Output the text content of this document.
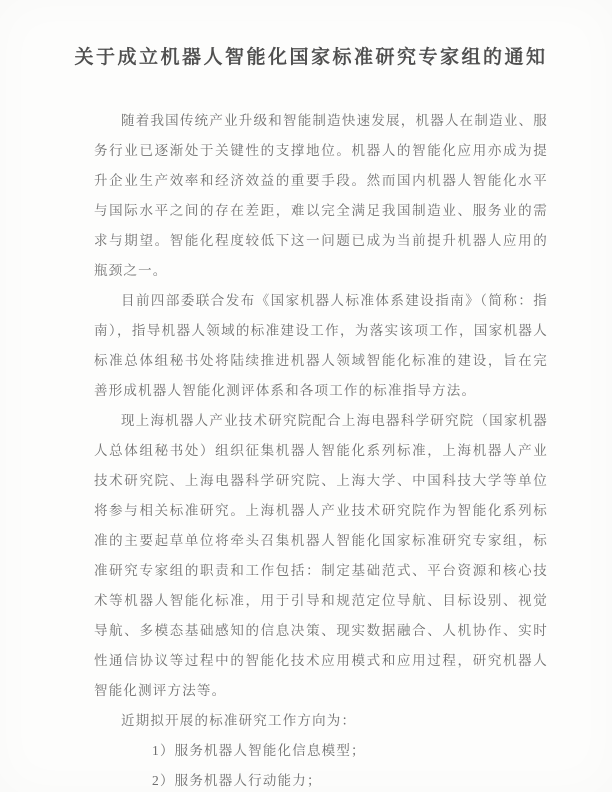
关于成立机器人智能化国家标准研究专家组的通知

随着我国传统产业升级和智能制造快速发展，机器人在制造业、服务行业已逐渐处于关键性的支撑地位。机器人的智能化应用亦成为提升企业生产效率和经济效益的重要手段。然而国内机器人智能化水平与国际水平之间的存在差距，难以完全满足我国制造业、服务业的需求与期望。智能化程度较低下这一问题已成为当前提升机器人应用的瓶颈之一。

目前四部委联合发布《国家机器人标准体系建设指南》（简称：指南），指导机器人领域的标准建设工作，为落实该项工作，国家机器人标准总体组秘书处将陆续推进机器人领域智能化标准的建设，旨在完善形成机器人智能化测评体系和各项工作的标准指导方法。

现上海机器人产业技术研究院配合上海电器科学研究院（国家机器人总体组秘书处）组织征集机器人智能化系列标准，上海机器人产业技术研究院、上海电器科学研究院、上海大学、中国科技大学等单位将参与相关标准研究。上海机器人产业技术研究院作为智能化系列标准的主要起草单位将牵头召集机器人智能化国家标准研究专家组，标准研究专家组的职责和工作包括：制定基础范式、平台资源和核心技术等机器人智能化标准，用于引导和规范定位导航、目标设别、视觉导航、多模态基础感知的信息决策、现实数据融合、人机协作、实时性通信协议等过程中的智能化技术应用模式和应用过程，研究机器人智能化测评方法等。

近期拟开展的标准研究工作方向为：

1）服务机器人智能化信息模型；

2）服务机器人行动能力；
